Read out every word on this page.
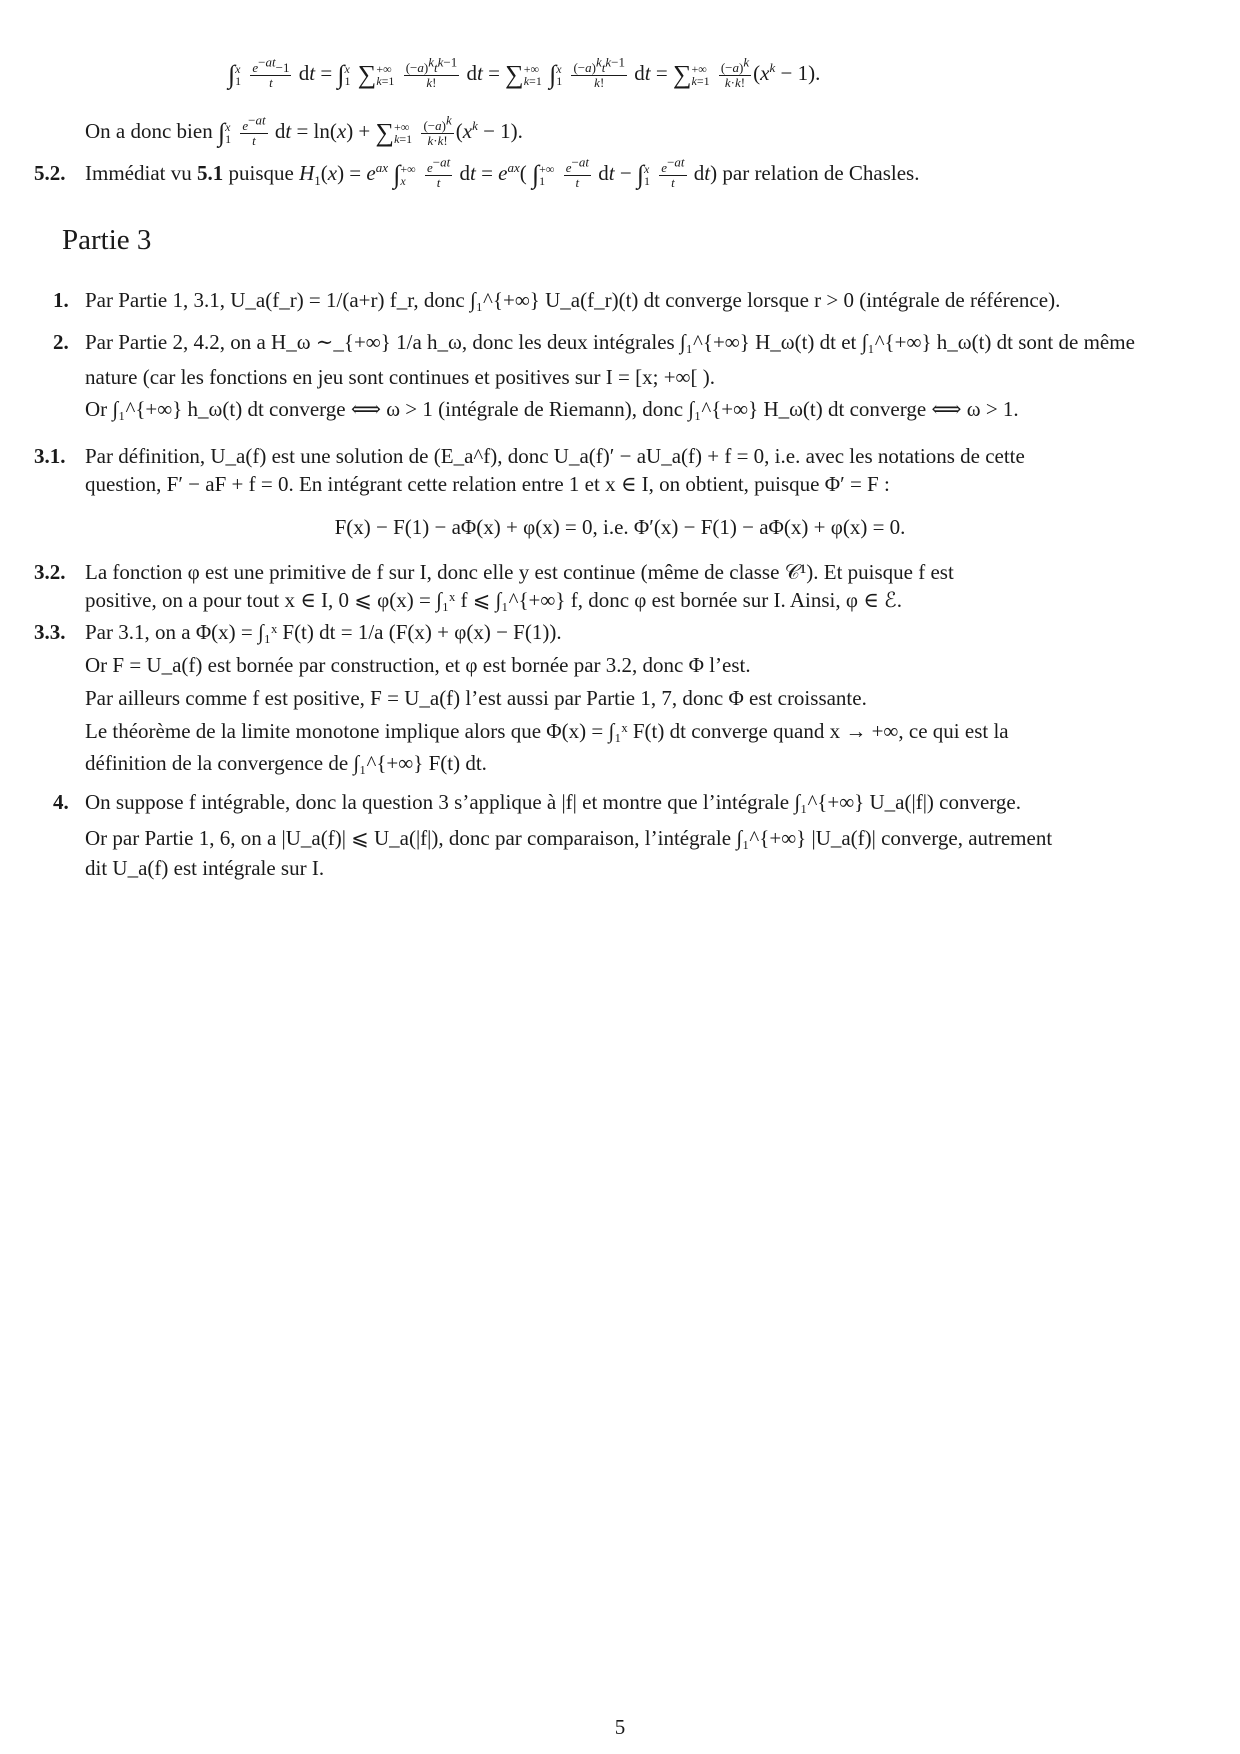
∫ x
1
$\frac{e^{-at}-1}{t}$ dt = ∫ x
1 ∑ +∞
k=1
$\frac{(-a)^kt^{k-1}}{k!}$ dt = ∑ +∞
k=1 ∫ x
1
$\frac{(-a)^kt^{k-1}}{k!}$ dt = ∑ +∞
k=1
$\frac{(-a)^k}{k\cdot k!} (x^k - 1)$.
On a donc bien ∫ x
1
$\frac{e^{-at}}{t}$ dt = ln(x) + ∑ +∞
k=1
$\frac{(-a)^k}{k\cdot k!} (x^k - 1)$.
5.2. Immédiat vu 5.1 puisque $H_1(x) = e^{ax}$ ∫ +∞
x
	$\frac{e^{-at}}{t}$ dt = $e^{ax}$( ∫ +∞
1
	$\frac{e^{-at}}{t}$ dt − ∫ x
1
$\frac{e^{-at}}{t} dt$) par relation de Chasles.
Partie 3
1. Par Partie 1, 3.1, U_a(f_r) = 1/(a+r) f_r, donc ∫₁^{+∞} U_a(f_r)(t) dt converge lorsque r > 0 (intégrale de référence).
2. Par Partie 2, 4.2, on a H_ω ∼_{+∞} 1/a h_ω, donc les deux intégrales ∫₁^{+∞} H_ω(t) dt et ∫₁^{+∞} h_ω(t) dt sont de même
nature (car les fonctions en jeu sont continues et positives sur I = [x; +∞[ ).
Or ∫₁^{+∞} h_ω(t) dt converge ⟺ ω > 1 (intégrale de Riemann), donc ∫₁^{+∞} H_ω(t) dt converge ⟺ ω > 1.
3.1. Par définition, U_a(f) est une solution de (E_a^f), donc U_a(f)′ − aU_a(f) + f = 0, i.e. avec les notations de cette
question, F′ − aF + f = 0. En intégrant cette relation entre 1 et x ∈ I, on obtient, puisque Φ′ = F :
F(x) − F(1) − aΦ(x) + φ(x) = 0, i.e. Φ′(x) − F(1) − aΦ(x) + φ(x) = 0.
3.2. La fonction φ est une primitive de f sur I, donc elle y est continue (même de classe 𝒞¹). Et puisque f est
positive, on a pour tout x ∈ I, 0 ⩽ φ(x) = ∫₁ˣ f ⩽ ∫₁^{+∞} f, donc φ est bornée sur I. Ainsi, φ ∈ ℰ.
3.3. Par 3.1, on a Φ(x) = ∫₁ˣ F(t) dt = 1/a (F(x) + φ(x) − F(1)).
Or F = U_a(f) est bornée par construction, et φ est bornée par 3.2, donc Φ l’est.
Par ailleurs comme f est positive, F = U_a(f) l’est aussi par Partie 1, 7, donc Φ est croissante.
Le théorème de la limite monotone implique alors que Φ(x) = ∫₁ˣ F(t) dt converge quand x → +∞, ce qui est la
définition de la convergence de ∫₁^{+∞} F(t) dt.
4. On suppose f intégrable, donc la question 3 s’applique à |f| et montre que l’intégrale ∫₁^{+∞} U_a(|f|) converge.
Or par Partie 1, 6, on a |U_a(f)| ⩽ U_a(|f|), donc par comparaison, l’intégrale ∫₁^{+∞} |U_a(f)| converge, autrement
dit U_a(f) est intégrale sur I.
5
